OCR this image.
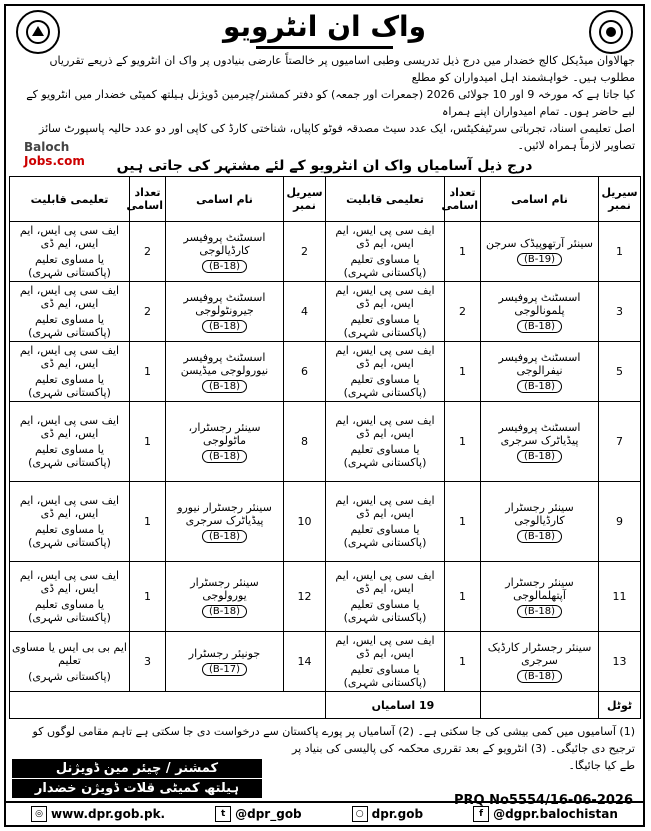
واک ان انٹرویو

جھالاوان میڈیکل کالج خضدار میں درج ذیل تدریسی وطبی اسامیوں پر خالصتاً عارضی بنیادوں پر واک ان انٹرویو کے ذریعے تقرریاں مطلوب ہیں۔ خواہشمند اہل امیدواران کو مطلع

کیا جاتا ہے کہ مورخہ 9 اور 10 جولائی 2026 (جمعرات اور جمعہ) کو دفتر کمشنر/چیرمین ڈویژنل ہیلتھ کمیٹی خضدار میں انٹرویو کے لیے حاضر ہوں۔ تمام امیدواران اپنے ہمراہ

اصل تعلیمی اسناد، تجرباتی سرٹیفکیٹس، ایک عدد سیٹ مصدقہ فوٹو کاپیاں، شناختی کارڈ کی کاپی اور دو عدد حالیہ پاسپورٹ سائز تصاویر لازماً ہمراہ لائیں۔

Baloch
Jobs.com	درج ذیل آسامیاں واک ان انٹرویو کے لئے مشتہر کی جاتی ہیں
سیریل نمبر	نام اسامی	تعداد اسامی	تعلیمی قابلیت	سیریل نمبر	نام اسامی	تعداد اسامی	تعلیمی قابلیت
1	سینئر آرتھوپیڈک سرجن
(B-19)	1	ایف سی پی ایس، ایم ایس، ایم ڈی
یا مساوی تعلیم (پاکستانی شہری)	2	اسسٹنٹ پروفیسر کارڈیالوجی
(B-18)	2	ایف سی پی ایس، ایم ایس، ایم ڈی
یا مساوی تعلیم (پاکستانی شہری)
3	اسسٹنٹ پروفیسر پلمونالوجی
(B-18)	2	ایف سی پی ایس، ایم ایس، ایم ڈی
یا مساوی تعلیم (پاکستانی شہری)	4	اسسٹنٹ پروفیسر جیرونٹولوجی
(B-18)	2	ایف سی پی ایس، ایم ایس، ایم ڈی
یا مساوی تعلیم (پاکستانی شہری)
5	اسسٹنٹ پروفیسر نیفرالوجی
(B-18)	1	ایف سی پی ایس، ایم ایس، ایم ڈی
یا مساوی تعلیم (پاکستانی شہری)	6	اسسٹنٹ پروفیسر نیورولوجی میڈیسن
(B-18)	1	ایف سی پی ایس، ایم ایس، ایم ڈی
یا مساوی تعلیم (پاکستانی شہری)
7	اسسٹنٹ پروفیسر پیڈیاٹرک سرجری
(B-18)	1	ایف سی پی ایس، ایم ایس، ایم ڈی
یا مساوی تعلیم (پاکستانی شہری)	8	سینئر رجسٹرار، ماٹولوجی
(B-18)	1	ایف سی پی ایس، ایم ایس، ایم ڈی
یا مساوی تعلیم (پاکستانی شہری)
9	سینئر رجسٹرار کارڈیالوجی
(B-18)	1	ایف سی پی ایس، ایم ایس، ایم ڈی
یا مساوی تعلیم (پاکستانی شہری)	10	سینئر رجسٹرار نیورو پیڈیاٹرک سرجری
(B-18)	1	ایف سی پی ایس، ایم ایس، ایم ڈی
یا مساوی تعلیم (پاکستانی شہری)
11	سینئر رجسٹرار آپتھلمالوجی
(B-18)	1	ایف سی پی ایس، ایم ایس، ایم ڈی
یا مساوی تعلیم (پاکستانی شہری)	12	سینئر رجسٹرار یورولوجی
(B-18)	1	ایف سی پی ایس، ایم ایس، ایم ڈی
یا مساوی تعلیم (پاکستانی شہری)
13	سینئر رجسٹرار کارڈیک سرجری
(B-18)	1	ایف سی پی ایس، ایم ایس، ایم ڈی
یا مساوی تعلیم (پاکستانی شہری)	14	جونیئر رجسٹرار
(B-17)	3	ایم بی بی ایس یا مساوی تعلیم
(پاکستانی شہری)
ٹوٹل		19 اسامیاں					

(1) آسامیوں میں کمی بیشی کی جا سکتی ہے۔ (2) آسامیاں پر پورے پاکستان سے درخواست دی جا سکتی ہے تاہم مقامی لوگوں کو ترجیح دی جائیگی۔ (3) انٹرویو کے بعد تقرری محکمہ کی پالیسی کی بنیاد پر

طے کیا جائیگا۔

کمشنر / چیئر مین ڈویژنل
ہیلتھ کمیٹی قلات ڈویژن خضدار
PRQ No5554/16-06-2026
◎ www.dpr.gob.pk.	t @dpr_gob	○ dpr.gob	f @dgpr.balochistan
